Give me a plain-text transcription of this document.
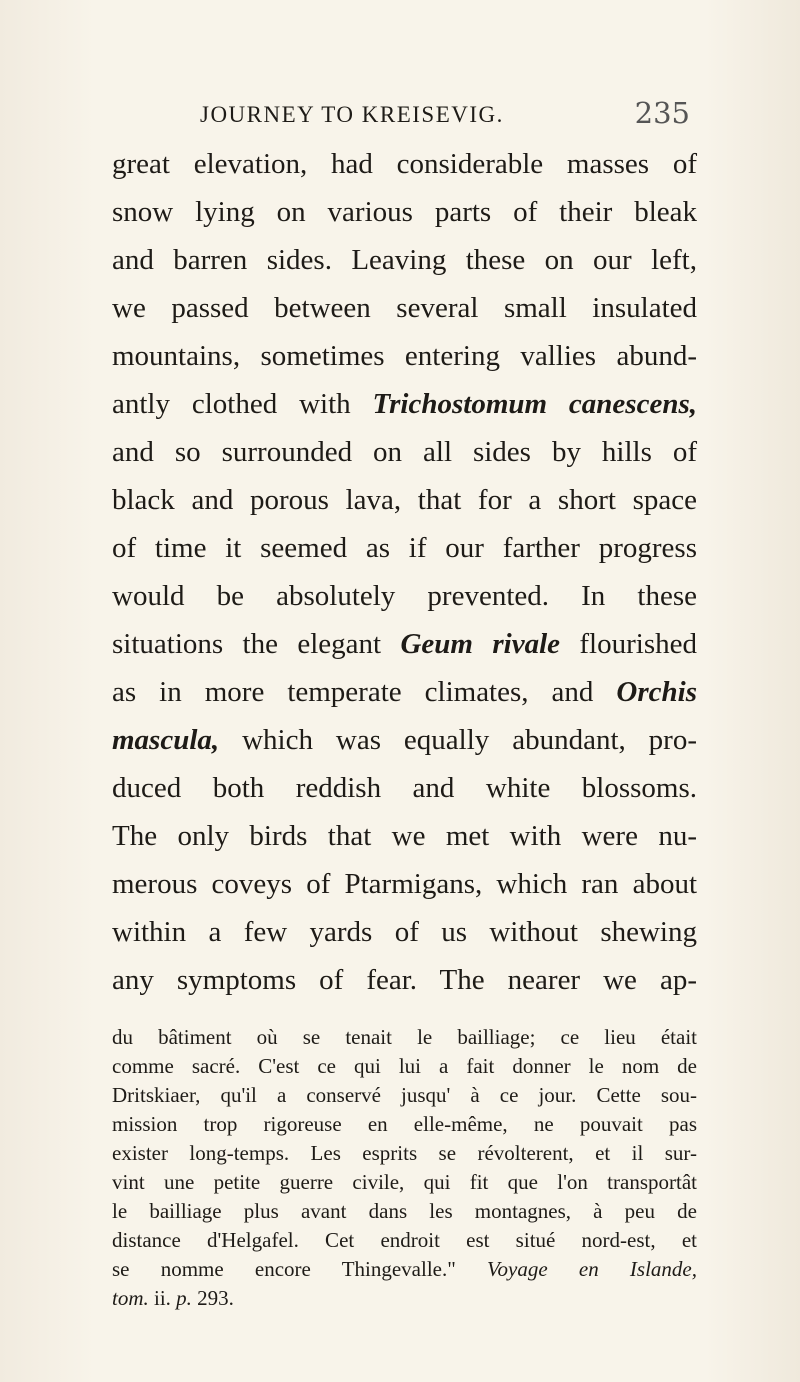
JOURNEY TO KREISEVIG.	235
great elevation, had considerable masses of
snow lying on various parts of their bleak
and barren sides. Leaving these on our left,
we passed between several small insulated
mountains, sometimes entering vallies abund-
antly clothed with Trichostomum canescens,
and so surrounded on all sides by hills of
black and porous lava, that for a short space
of time it seemed as if our farther progress
would be absolutely prevented. In these
situations the elegant Geum rivale flourished
as in more temperate climates, and Orchis
mascula, which was equally abundant, pro-
duced both reddish and white blossoms.
The only birds that we met with were nu-
merous coveys of Ptarmigans, which ran about
within a few yards of us without shewing
any symptoms of fear. The nearer we ap-
du bâtiment où se tenait le bailliage; ce lieu était
comme sacré. C'est ce qui lui a fait donner le nom de
Dritskiaer, qu'il a conservé jusqu' à ce jour. Cette sou-
mission trop rigoreuse en elle-même, ne pouvait pas
exister long-temps. Les esprits se révolterent, et il sur-
vint une petite guerre civile, qui fit que l'on transportât
le bailliage plus avant dans les montagnes, à peu de
distance d'Helgafel. Cet endroit est situé nord-est, et
se nomme encore Thingevalle." Voyage en Islande,
tom. ii. p. 293.
